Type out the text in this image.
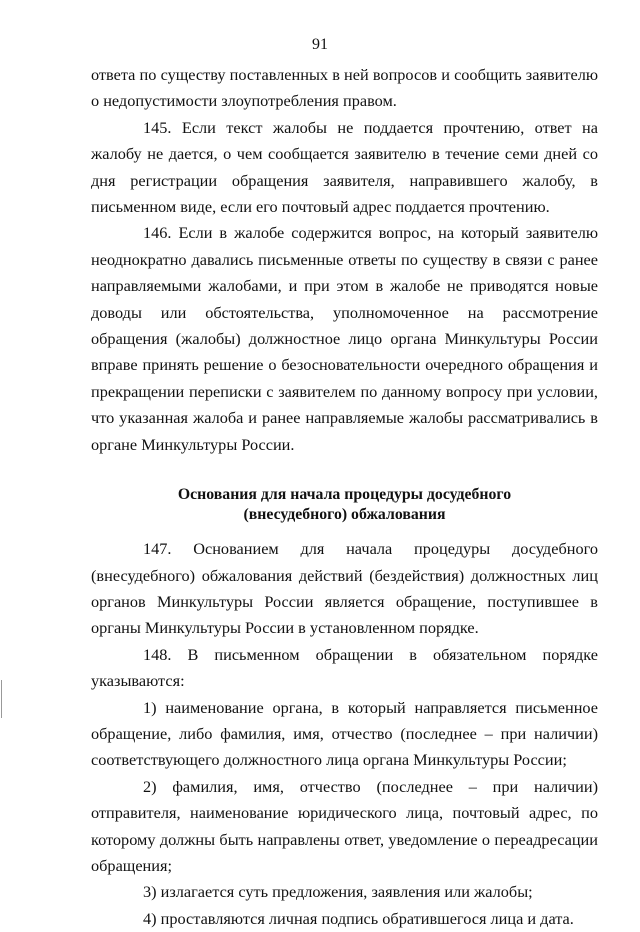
91

ответа по существу поставленных в ней вопросов и сообщить заявителю о недопустимости злоупотребления правом.

145. Если текст жалобы не поддается прочтению, ответ на жалобу не дается, о чем сообщается заявителю в течение семи дней со дня регистрации обращения заявителя, направившего жалобу, в письменном виде, если его почтовый адрес поддается прочтению.

146. Если в жалобе содержится вопрос, на который заявителю неоднократно давались письменные ответы по существу в связи с ранее направляемыми жалобами, и при этом в жалобе не приводятся новые доводы или обстоятельства, уполномоченное на рассмотрение обращения (жалобы) должностное лицо органа Минкультуры России вправе принять решение о безосновательности очередного обращения и прекращении переписки с заявителем по данному вопросу при условии, что указанная жалоба и ранее направляемые жалобы рассматривались в органе Минкультуры России.

Основания для начала процедуры досудебного
(внесудебного) обжалования

147. Основанием для начала процедуры досудебного (внесудебного) обжалования действий (бездействия) должностных лиц органов Минкультуры России является обращение, поступившее в органы Минкультуры России в установленном порядке.

148. В письменном обращении в обязательном порядке указываются:

1) наименование органа, в который направляется письменное обращение, либо фамилия, имя, отчество (последнее – при наличии) соответствующего должностного лица органа Минкультуры России;

2) фамилия, имя, отчество (последнее – при наличии) отправителя, наименование юридического лица, почтовый адрес, по которому должны быть направлены ответ, уведомление о переадресации обращения;

3) излагается суть предложения, заявления или жалобы;

4) проставляются личная подпись обратившегося лица и дата.
